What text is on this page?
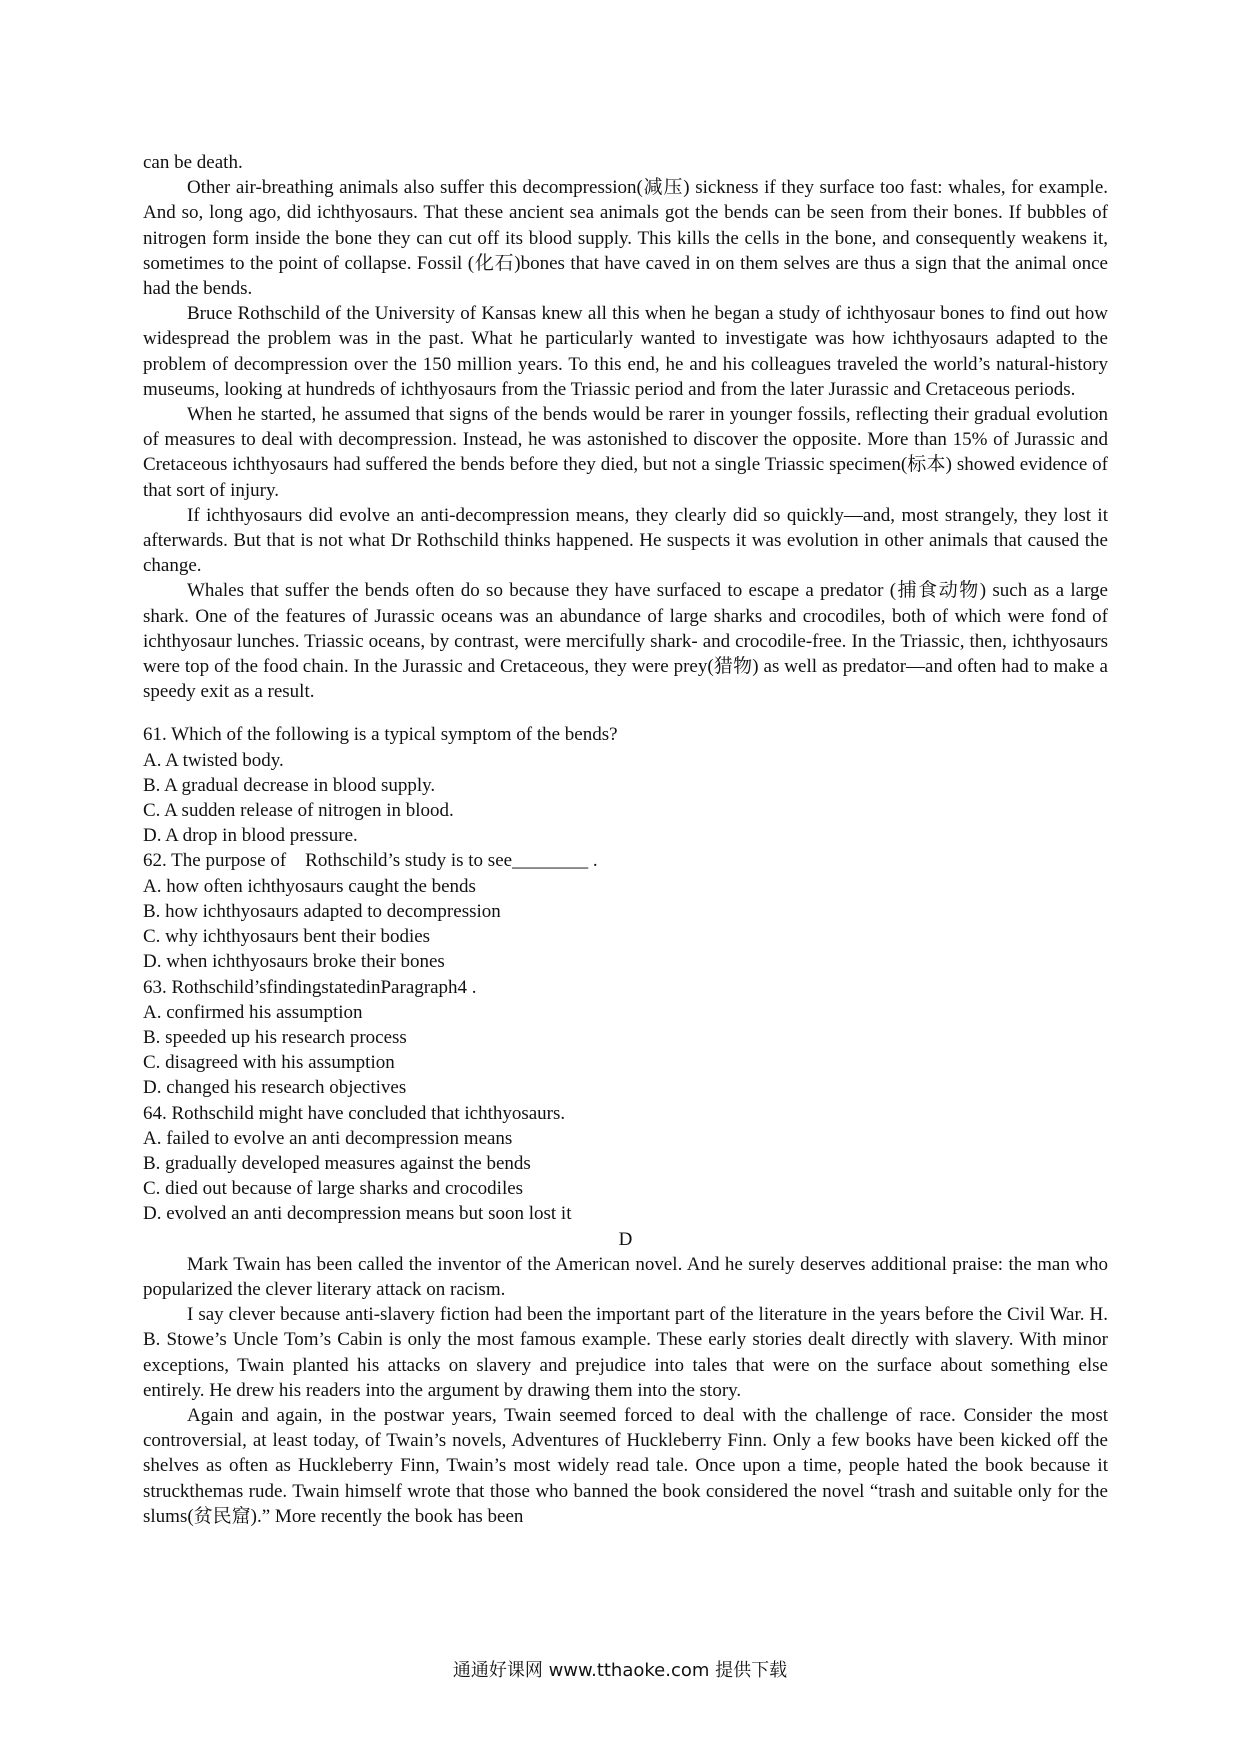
can be death.

Other air-breathing animals also suffer this decompression(减压) sickness if they surface too fast: whales, for example. And so, long ago, did ichthyosaurs. That these ancient sea animals got the bends can be seen from their bones. If bubbles of nitrogen form inside the bone they can cut off its blood supply. This kills the cells in the bone, and consequently weakens it, sometimes to the point of collapse. Fossil (化石)bones that have caved in on them selves are thus a sign that the animal once had the bends.

Bruce Rothschild of the University of Kansas knew all this when he began a study of ichthyosaur bones to find out how widespread the problem was in the past. What he particularly wanted to investigate was how ichthyosaurs adapted to the problem of decompression over the 150 million years. To this end, he and his colleagues traveled the world’s natural-history museums, looking at hundreds of ichthyosaurs from the Triassic period and from the later Jurassic and Cretaceous periods.

When he started, he assumed that signs of the bends would be rarer in younger fossils, reflecting their gradual evolution of measures to deal with decompression. Instead, he was astonished to discover the opposite. More than 15% of Jurassic and Cretaceous ichthyosaurs had suffered the bends before they died, but not a single Triassic specimen(标本) showed evidence of that sort of injury.

If ichthyosaurs did evolve an anti-decompression means, they clearly did so quickly—and, most strangely, they lost it afterwards. But that is not what Dr Rothschild thinks happened. He suspects it was evolution in other animals that caused the change.

Whales that suffer the bends often do so because they have surfaced to escape a predator (捕食动物) such as a large shark. One of the features of Jurassic oceans was an abundance of large sharks and crocodiles, both of which were fond of ichthyosaur lunches. Triassic oceans, by contrast, were mercifully shark- and crocodile-free. In the Triassic, then, ichthyosaurs were top of the food chain. In the Jurassic and Cretaceous, they were prey(猎物) as well as predator—and often had to make a speedy exit as a result.

61. Which of the following is a typical symptom of the bends?

A. A twisted body.

B. A gradual decrease in blood supply.

C. A sudden release of nitrogen in blood.

D. A drop in blood pressure.

62. The purpose of    Rothschild’s study is to see________ .

A. how often ichthyosaurs caught the bends

B. how ichthyosaurs adapted to decompression

C. why ichthyosaurs bent their bodies

D. when ichthyosaurs broke their bones

63. Rothschild’sfindingstatedinParagraph4 .

A. confirmed his assumption

B. speeded up his research process

C. disagreed with his assumption

D. changed his research objectives

64. Rothschild might have concluded that ichthyosaurs.

A. failed to evolve an anti decompression means

B. gradually developed measures against the bends

C. died out because of large sharks and crocodiles

D. evolved an anti decompression means but soon lost it

D

Mark Twain has been called the inventor of the American novel. And he surely deserves additional praise: the man who popularized the clever literary attack on racism.

I say clever because anti-slavery fiction had been the important part of the literature in the years before the Civil War. H. B. Stowe’s Uncle Tom’s Cabin is only the most famous example. These early stories dealt directly with slavery. With minor exceptions, Twain planted his attacks on slavery and prejudice into tales that were on the surface about something else entirely. He drew his readers into the argument by drawing them into the story.

Again and again, in the postwar years, Twain seemed forced to deal with the challenge of race. Consider the most controversial, at least today, of Twain’s novels, Adventures of Huckleberry Finn. Only a few books have been kicked off the shelves as often as Huckleberry Finn, Twain’s most widely read tale. Once upon a time, people hated the book because it struckthemas rude. Twain himself wrote that those who banned the book considered the novel “trash and suitable only for the slums(贫民窟).” More recently the book has been

通通好课网 www.tthaoke.com 提供下载
